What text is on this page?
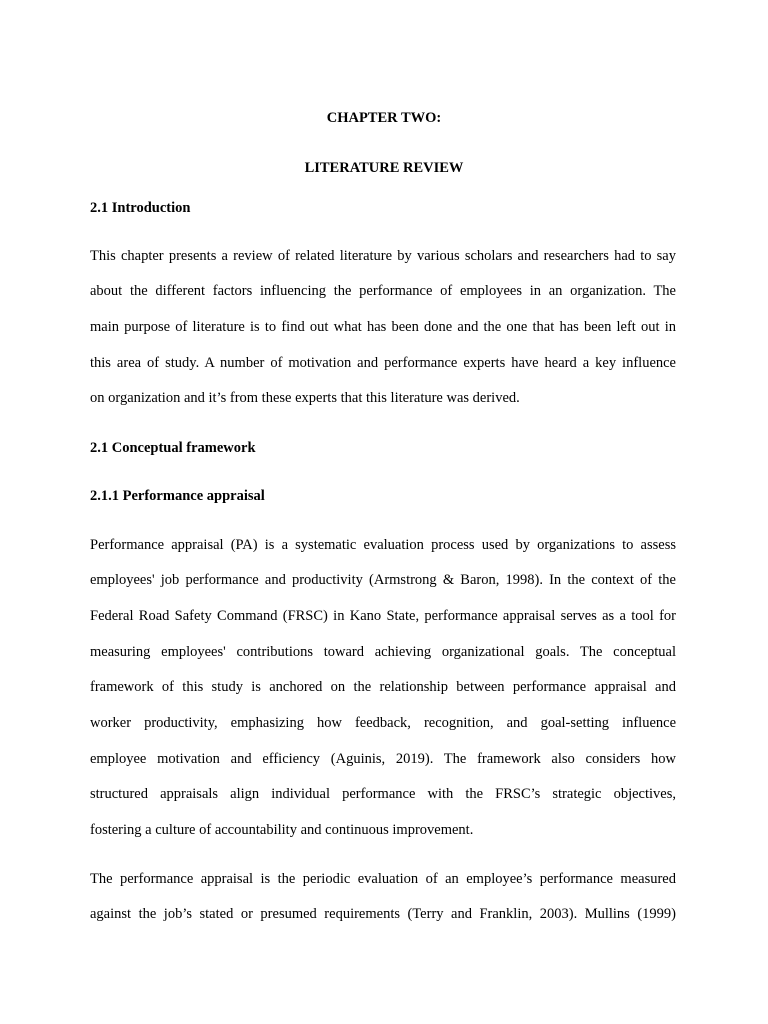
CHAPTER TWO:
LITERATURE REVIEW
2.1 Introduction

This chapter presents a review of related literature by various scholars and researchers had to say
about the different factors influencing the performance of employees in an organization. The
main purpose of literature is to find out what has been done and the one that has been left out in
this area of study. A number of motivation and performance experts have heard a key influence
on organization and it’s from these experts that this literature was derived.

2.1 Conceptual framework
2.1.1 Performance appraisal

Performance appraisal (PA) is a systematic evaluation process used by organizations to assess
employees' job performance and productivity (Armstrong & Baron, 1998). In the context of the
Federal Road Safety Command (FRSC) in Kano State, performance appraisal serves as a tool for
measuring employees' contributions toward achieving organizational goals. The conceptual
framework of this study is anchored on the relationship between performance appraisal and
worker productivity, emphasizing how feedback, recognition, and goal-setting influence
employee motivation and efficiency (Aguinis, 2019). The framework also considers how
structured appraisals align individual performance with the FRSC’s strategic objectives,
fostering a culture of accountability and continuous improvement.

The performance appraisal is the periodic evaluation of an employee’s performance measured
against the job’s stated or presumed requirements (Terry and Franklin, 2003). Mullins (1999)
